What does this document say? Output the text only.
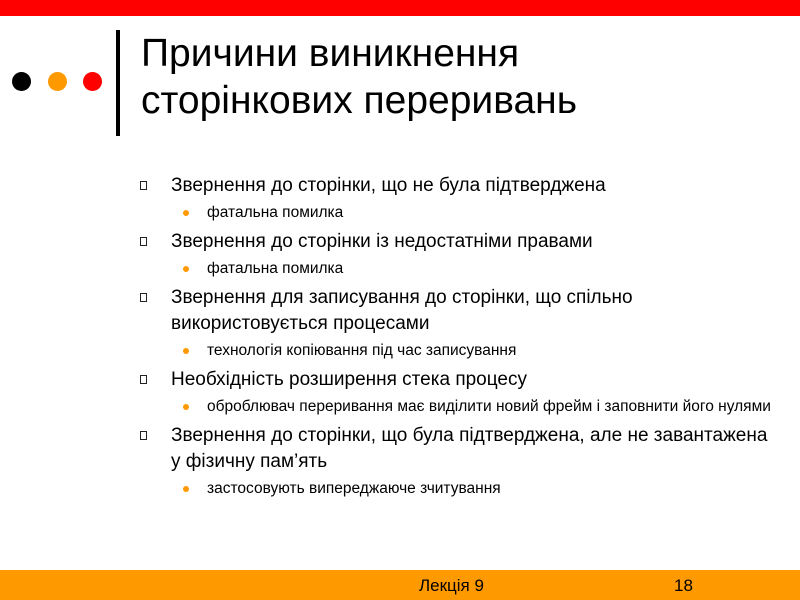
Причини виникнення
сторінкових переривань
Звернення до сторінки, що не була підтверджена
фатальна помилка
Звернення до сторінки із недостатніми правами
фатальна помилка
Звернення для записування до сторінки, що спільно використовується процесами
технологія копіювання під час записування
Необхідність розширення стека процесу
оброблювач переривання має виділити новий фрейм і заповнити його нулями
Звернення до сторінки, що була підтверджена, але не завантажена у фізичну пам’ять
застосовують випереджаюче зчитування
Лекція 9	18
